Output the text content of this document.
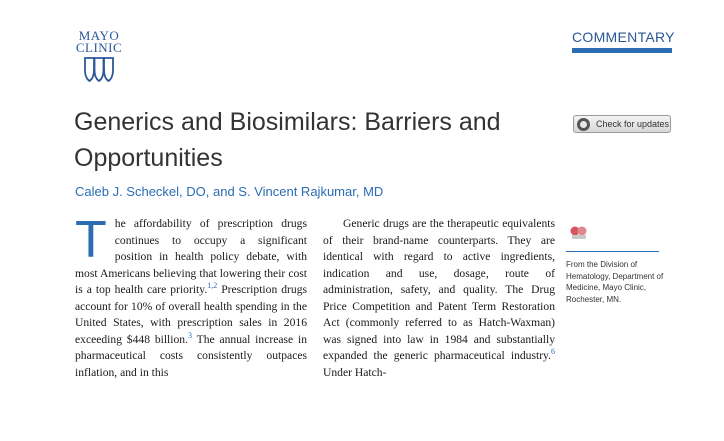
MAYO
CLINIC
COMMENTARY
Generics and Biosimilars: Barriers and Opportunities
Check for updates
Caleb J. Scheckel, DO, and S. Vincent Rajkumar, MD

The affordability of prescription drugs continues to occupy a significant position in health policy debate, with most Americans believing that lowering their cost is a top health care priority.$^{1,2}$ Prescription drugs account for 10% of overall health spending in the United States, with prescription sales in 2016 exceeding $448 billion.$^3$ The annual increase in pharmaceutical costs consistently outpaces inflation, and in this

Generic drugs are the therapeutic equivalents of their brand-name counterparts. They are identical with regard to active ingredients, indication and use, dosage, route of administration, safety, and quality. The Drug Price Competition and Patent Term Restoration Act (commonly referred to as Hatch-Waxman) was signed into law in 1984 and substantially expanded the generic pharmaceutical industry.$^6$ Under Hatch-

From the Division of Hematology, Department of Medicine, Mayo Clinic, Rochester, MN.
